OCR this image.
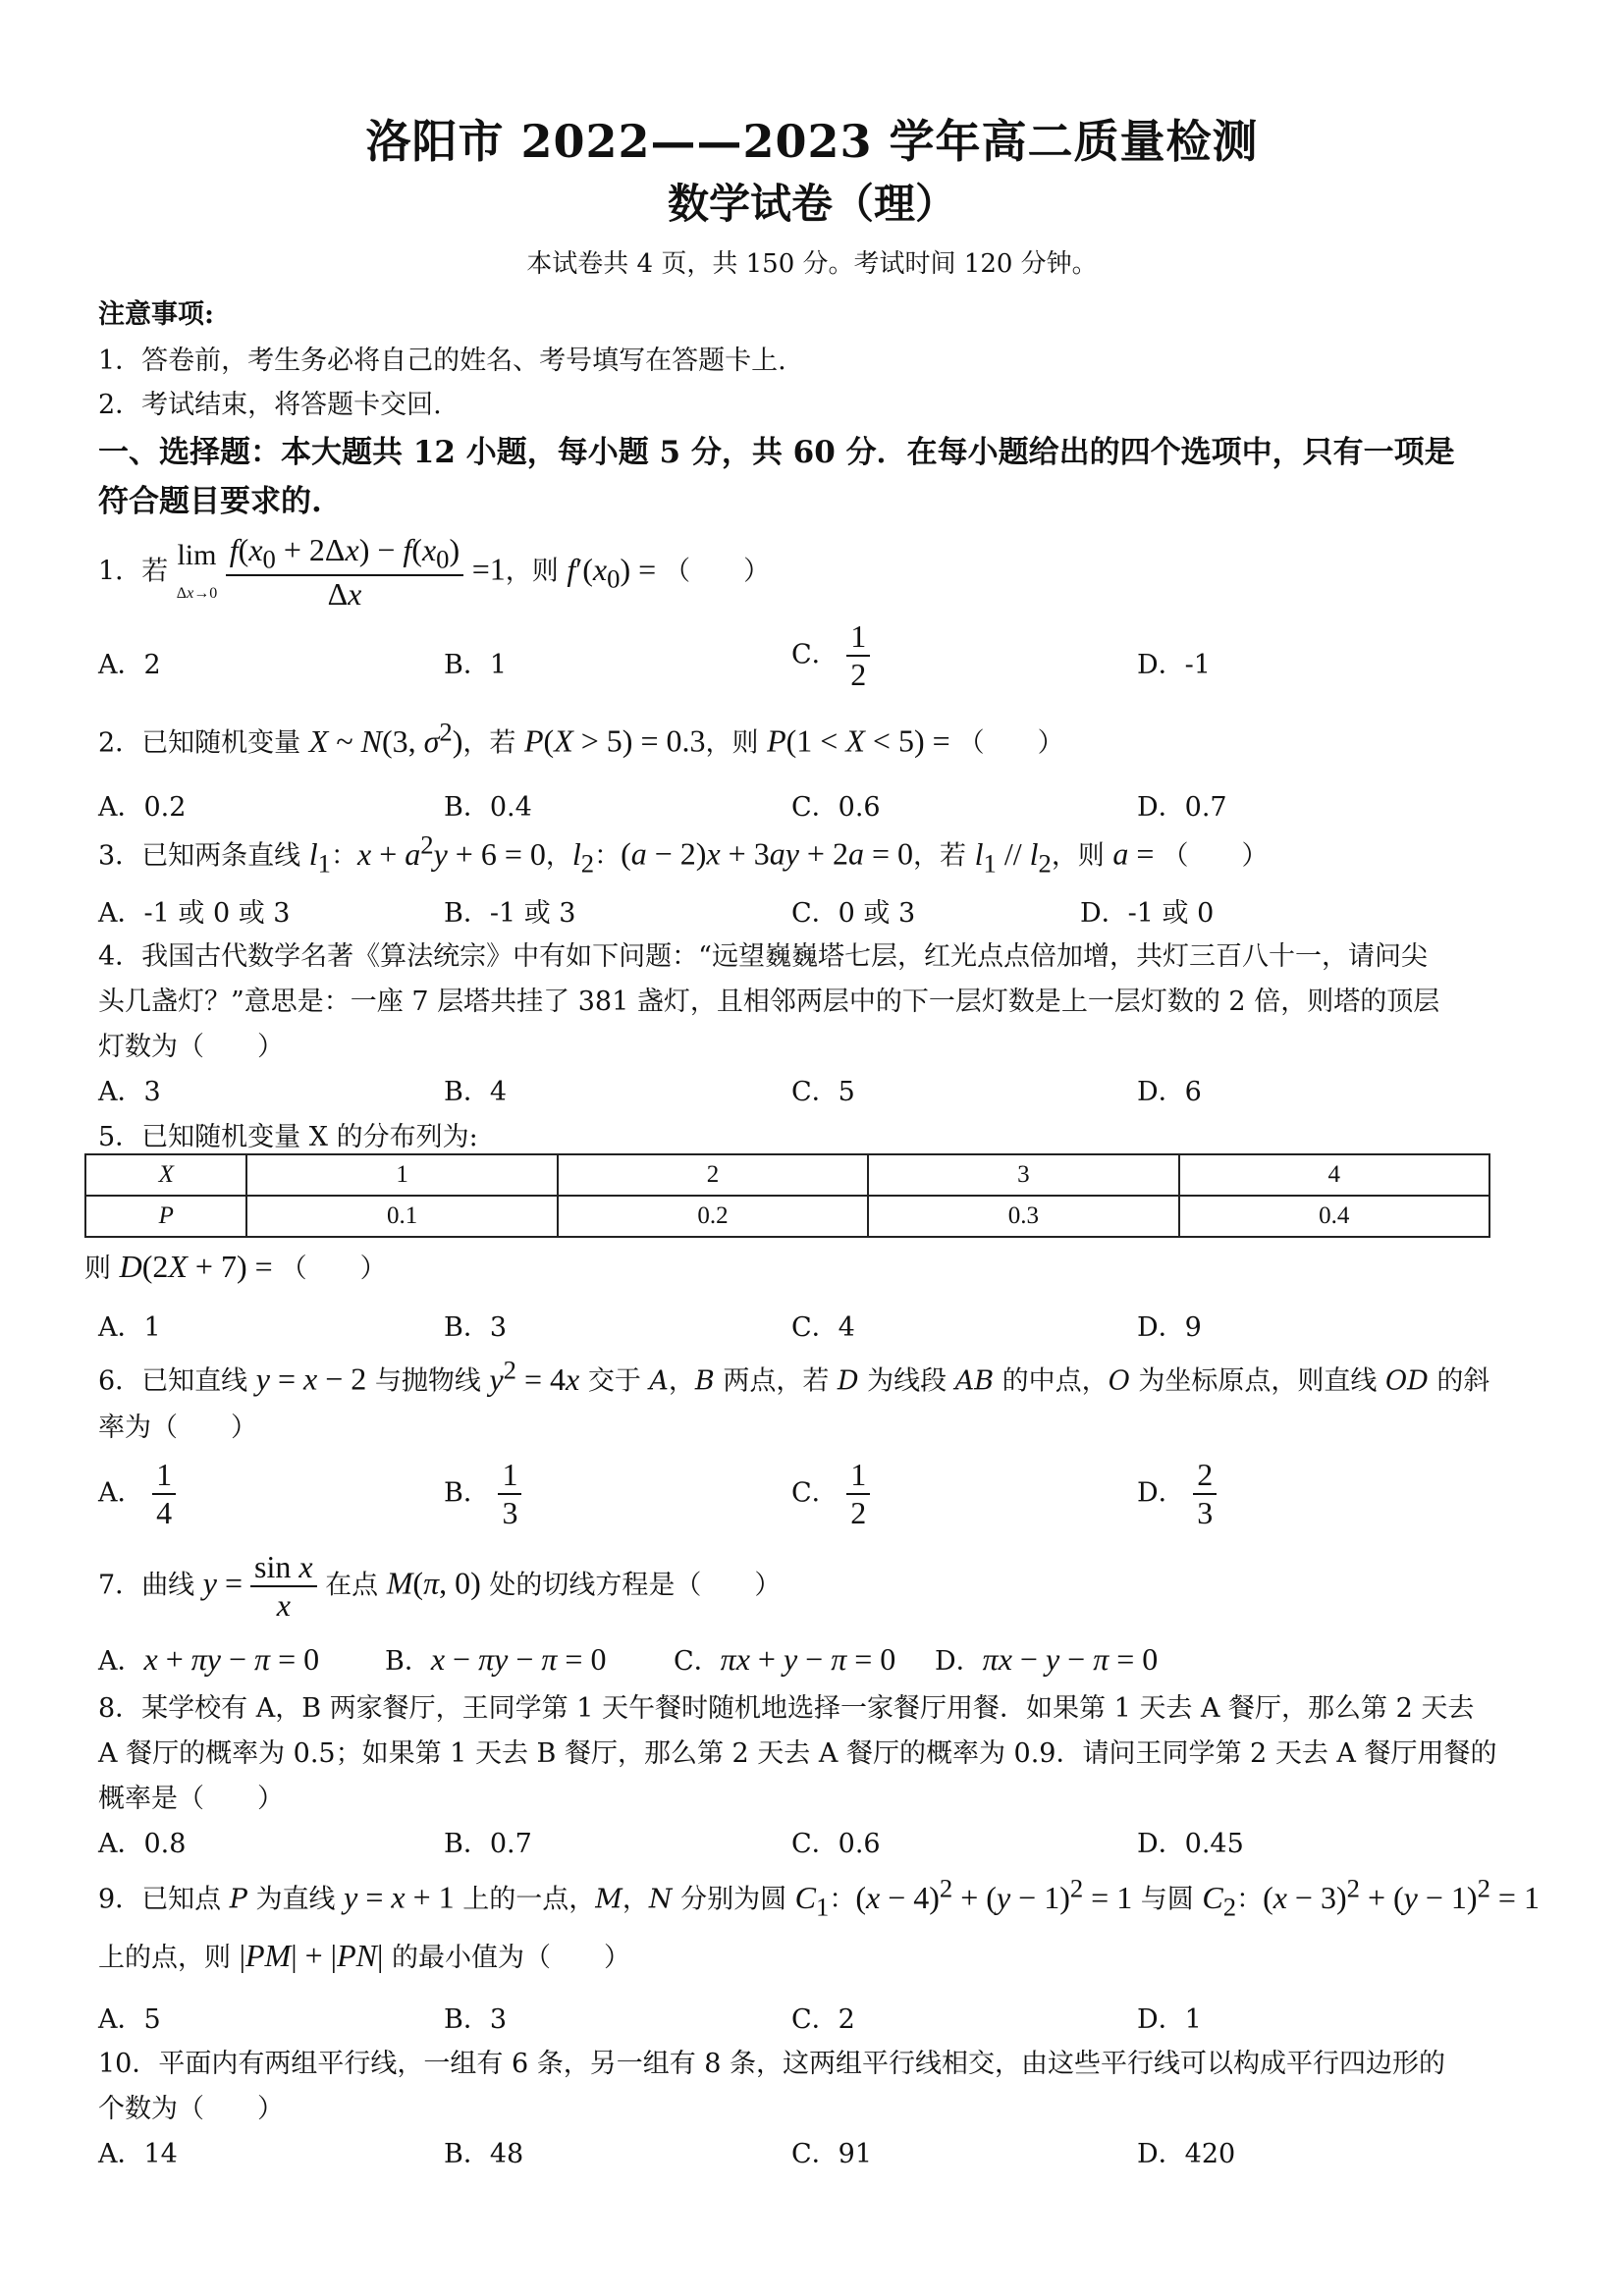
洛阳市 2022——2023 学年高二质量检测
数学试卷（理）
本试卷共 4 页，共 150 分。考试时间 120 分钟。
注意事项:
1．答卷前，考生务必将自己的姓名、考号填写在答题卡上.
2．考试结束，将答题卡交回.
一、选择题：本大题共 12 小题，每小题 5 分，共 60 分．在每小题给出的四个选项中，只有一项是
符合题目要求的.
1．若 lim
$\Delta x\to 0 \frac{f(x_0 + 2\Delta x) - f(x_0)}{\Delta x} =1$，则 $f'(x_0)$ = （　　）
A．2	B．1	C． $\frac{1}{2}$	D．-1
2．已知随机变量 X ~ N(3, $\sigma^2$)，若 P(X > 5) = 0.3，则 P(1 < X < 5) = （　　）
A．0.2	B．0.4	C．0.6	D．0.7
3．已知两条直线 $l_1$：$x + a^2y + 6 = 0$，$l_2$：(a − 2)x + 3ay + 2a = 0，若 $l_1 // l_2$，则 a = （　　）
A．-1 或 0 或 3	B．-1 或 3	C．0 或 3	D．-1 或 0
4．我国古代数学名著《算法统宗》中有如下问题：“远望巍巍塔七层，红光点点倍加增，共灯三百八十一，请问尖
头几盏灯？”意思是：一座 7 层塔共挂了 381 盏灯，且相邻两层中的下一层灯数是上一层灯数的 2 倍，则塔的顶层
灯数为（　　）
A．3	B．4	C．5	D．6
5．已知随机变量 X 的分布列为:
X	1	2	3	4
P	0.1	0.2	0.3	0.4
则 D(2X + 7) = （　　）
A．1	B．3	C．4	D．9
6．已知直线 y = x − 2 与抛物线 $y^2 = 4x$ 交于 A，B 两点，若 D 为线段 AB 的中点，O 为坐标原点，则直线 OD 的斜
率为（　　）
A． $\frac{1}{4}$	B． $\frac{1}{3}$	C． $\frac{1}{2}$	D． $\frac{2}{3}$
7．曲线 $y = \frac{\text{sin x}}{x}$ 在点 M(π, 0) 处的切线方程是（　　）
A．x + πy − π = 0 B．x − πy − π = 0	C．πx + y − π = 0 D．πx − y − π = 0
8．某学校有 A，B 两家餐厅，王同学第 1 天午餐时随机地选择一家餐厅用餐．如果第 1 天去 A 餐厅，那么第 2 天去
A 餐厅的概率为 0.5；如果第 1 天去 B 餐厅，那么第 2 天去 A 餐厅的概率为 0.9．请问王同学第 2 天去 A 餐厅用餐的
概率是（　　）
A．0.8	B．0.7	C．0.6	D．0.45
9．已知点 P 为直线 y = x + 1 上的一点，M，N 分别为圆 $C_1$：$(x - 4)^2 + (y - 1)^2 = 1$ 与圆 $C_2$：$(x - 3)^2 + (y - 1)^2 = 1$
上的点，则 |PM| + |PN| 的最小值为（　　）
A．5	B．3	C．2	D．1
10．平面内有两组平行线，一组有 6 条，另一组有 8 条，这两组平行线相交，由这些平行线可以构成平行四边形的
个数为（　　）
A．14	B．48	C．91	D．420
